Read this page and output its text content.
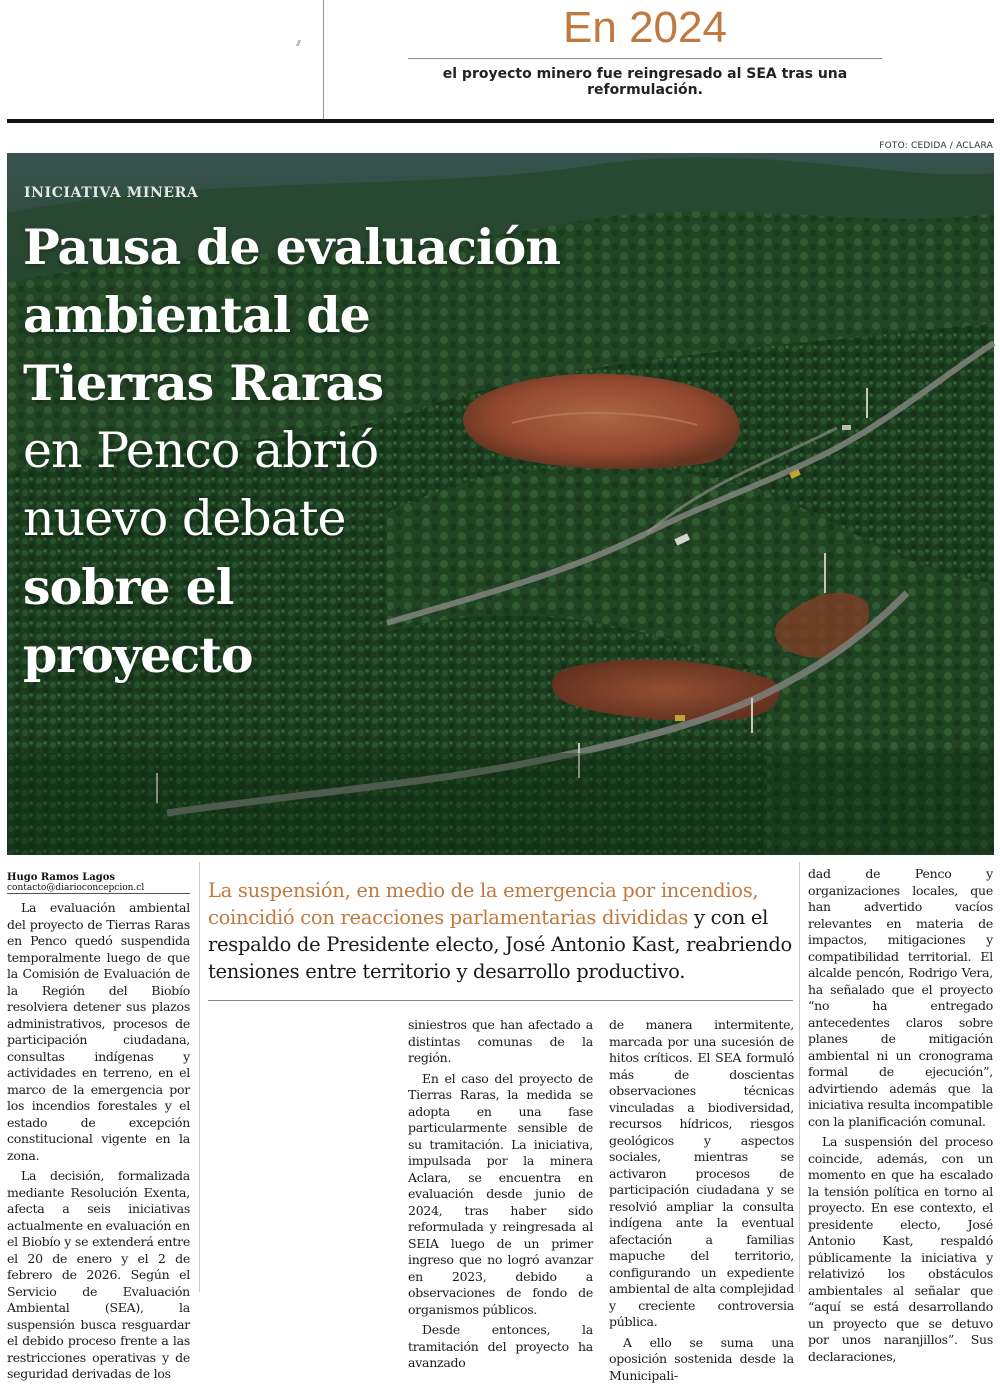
En 2024
el proyecto minero fue reingresado al SEA tras una reformulación.
FOTO: CEDIDA / ACLARA
INICIATIVA MINERA
Pausa de evaluación
ambiental de
Tierras Raras
en Penco abrió
nuevo debate
sobre el
proyecto
Hugo Ramos Lagos
contacto@diarioconcepcion.cl	La suspensión, en medio de la emergencia por incendios, coincidió con reacciones parlamentarias divididas y con el respaldo de Presidente electo, José Antonio Kast, reabriendo tensiones entre territorio y desarrollo productivo.

La evaluación ambiental del proyecto de Tierras Raras en Penco quedó suspendida temporalmente luego de que la Comisión de Evaluación de la Región del Biobío resolviera detener sus plazos administrativos, procesos de participación ciudadana, consultas indígenas y actividades en terreno, en el marco de la emergencia por los incendios forestales y el estado de excepción constitucional vigente en la zona.

La decisión, formalizada mediante Resolución Exenta, afecta a seis iniciativas actualmente en evaluación en el Biobío y se extenderá entre el 20 de enero y el 2 de febrero de 2026. Según el Servicio de Evaluación Ambiental (SEA), la suspensión busca resguardar el debido proceso frente a las restricciones operativas y de seguridad derivadas de los

siniestros que han afectado a distintas comunas de la región.

En el caso del proyecto de Tierras Raras, la medida se adopta en una fase particularmente sensible de su tramitación. La iniciativa, impulsada por la minera Aclara, se encuentra en evaluación desde junio de 2024, tras haber sido reformulada y reingresada al SEIA luego de un primer ingreso que no logró avanzar en 2023, debido a observaciones de fondo de organismos públicos.

Desde entonces, la tramitación del proyecto ha avanzado

de manera intermitente, marcada por una sucesión de hitos críticos. El SEA formuló más de doscientas observaciones técnicas vinculadas a biodiversidad, recursos hídricos, riesgos geológicos y aspectos sociales, mientras se activaron procesos de participación ciudadana y se resolvió ampliar la consulta indígena ante la eventual afectación a familias mapuche del territorio, configurando un expediente ambiental de alta complejidad y creciente controversia pública.

A ello se suma una oposición sostenida desde la Municipali-

dad de Penco y organizaciones locales, que han advertido vacíos relevantes en materia de impactos, mitigaciones y compatibilidad territorial. El alcalde pencón, Rodrigo Vera, ha señalado que el proyecto “no ha entregado antecedentes claros sobre planes de mitigación ambiental ni un cronograma formal de ejecución”, advirtiendo además que la iniciativa resulta incompatible con la planificación comunal.

La suspensión del proceso coincide, además, con un momento en que ha escalado la tensión política en torno al proyecto. En ese contexto, el presidente electo, José Antonio Kast, respaldó públicamente la iniciativa y relativizó los obstáculos ambientales al señalar que “aquí se está desarrollando un proyecto que se detuvo por unos naranjillos”. Sus declaraciones,
